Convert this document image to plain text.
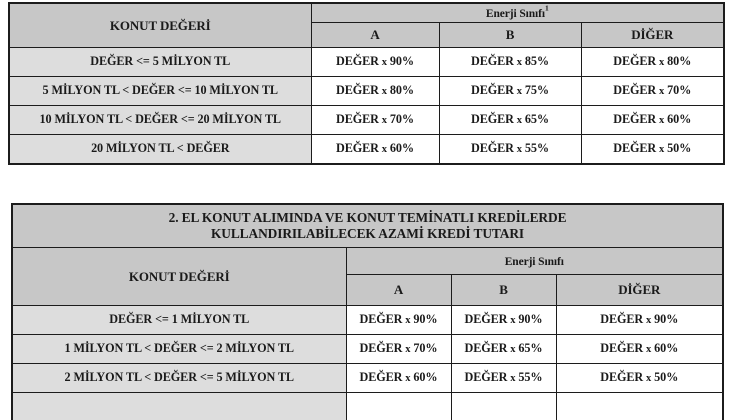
KONUT DEĞERİ	Enerji Sınıfı$^1$
	A	B	DİĞER
DEĞER <= 5 MİLYON TL	DEĞER x 90%	DEĞER x 85%	DEĞER x 80%
5 MİLYON TL < DEĞER <= 10 MİLYON TL	DEĞER x 80%	DEĞER x 75%	DEĞER x 70%
10 MİLYON TL < DEĞER <= 20 MİLYON TL	DEĞER x 70%	DEĞER x 65%	DEĞER x 60%
20 MİLYON TL < DEĞER	DEĞER x 60%	DEĞER x 55%	DEĞER x 50%
2. EL KONUT ALIMINDA VE KONUT TEMİNATLI KREDİLERDE
KULLANDIRILABİLECEK AZAMİ KREDİ TUTARI			

KONUT DEĞERİ	Enerji Sınıfı		
	A	B	DİĞER
DEĞER <= 1 MİLYON TL	DEĞER x 90%	DEĞER x 90%	DEĞER x 90%
1 MİLYON TL < DEĞER <= 2 MİLYON TL	DEĞER x 70%	DEĞER x 65%	DEĞER x 60%
2 MİLYON TL < DEĞER <= 5 MİLYON TL	DEĞER x 60%	DEĞER x 55%	DEĞER x 50%
